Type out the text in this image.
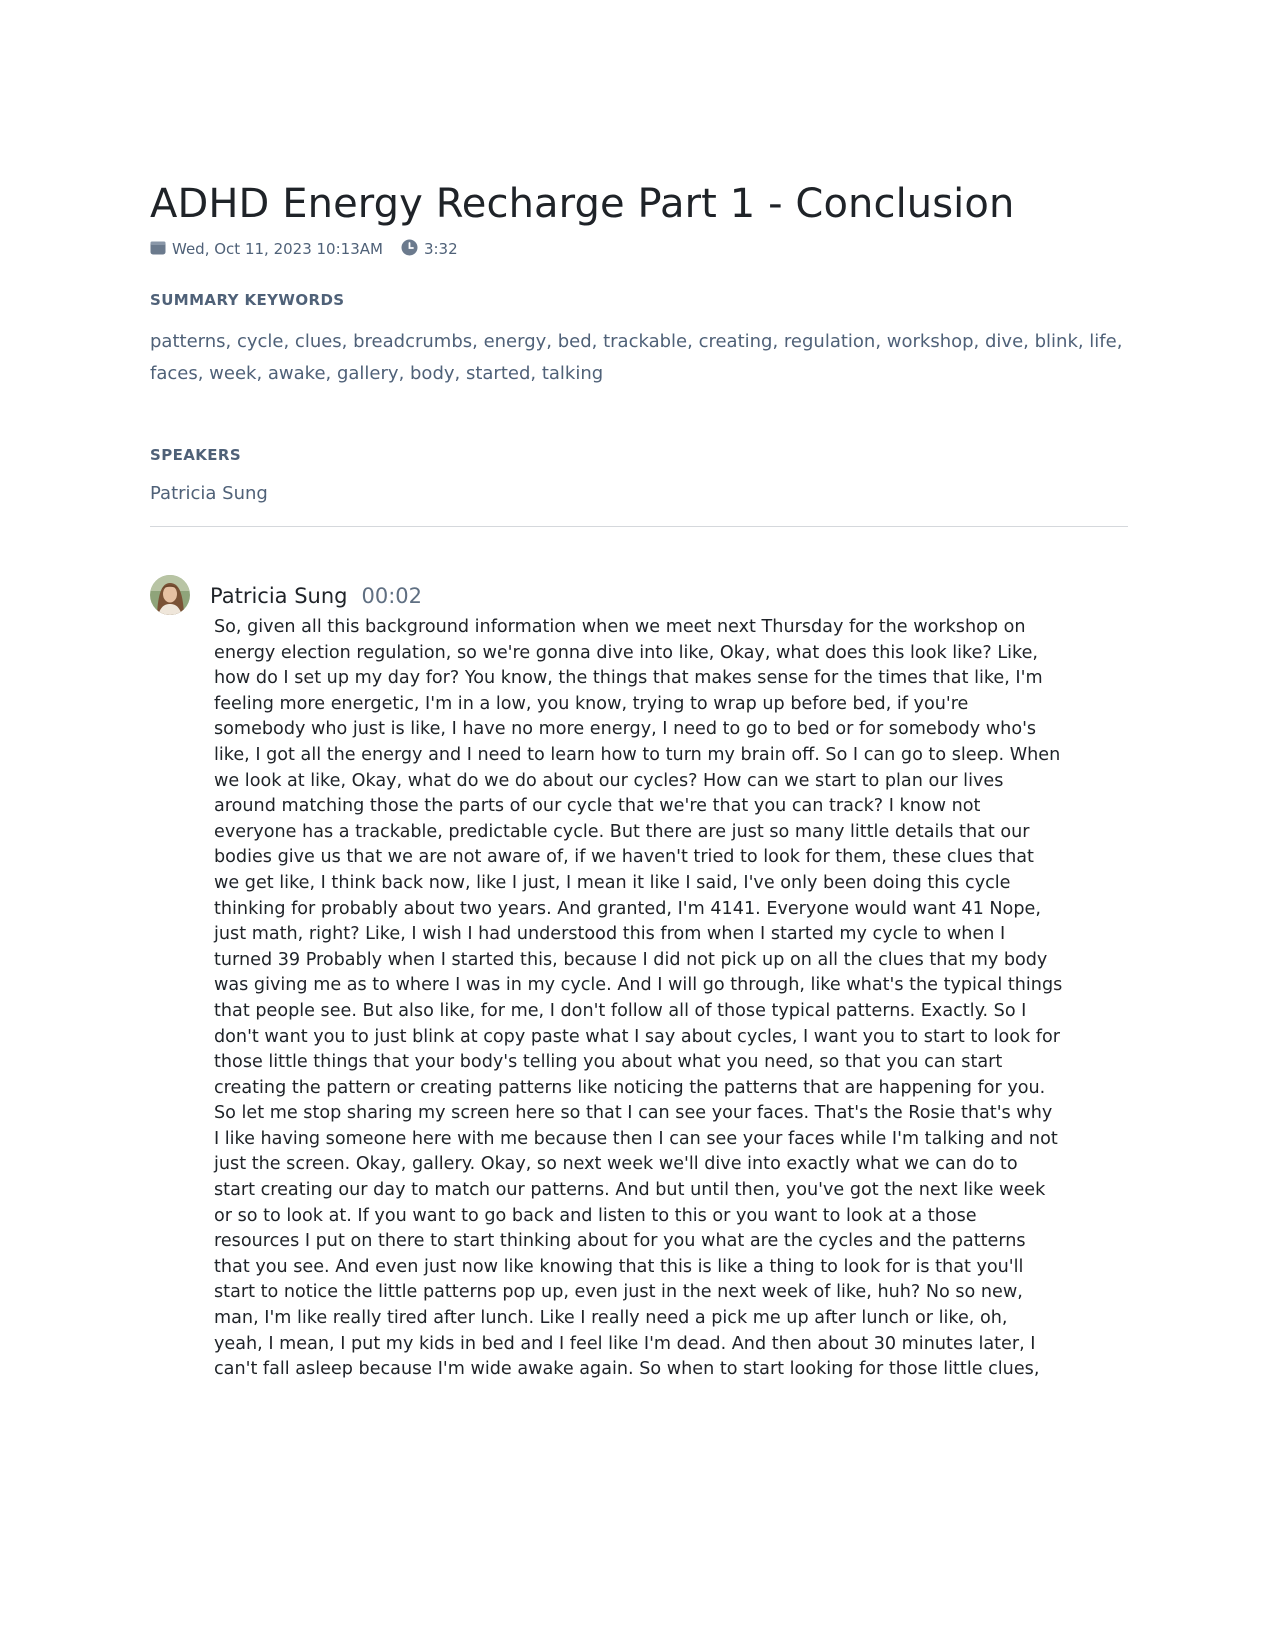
ADHD Energy Recharge Part 1 - Conclusion
Wed, Oct 11, 2023 10:13AM	3:32
SUMMARY KEYWORDS
patterns, cycle, clues, breadcrumbs, energy, bed, trackable, creating, regulation, workshop, dive, blink, life, faces, week, awake, gallery, body, started, talking
SPEAKERS
Patricia Sung
Patricia Sung 00:02
So, given all this background information when we meet next Thursday for the workshop on
energy election regulation, so we're gonna dive into like, Okay, what does this look like? Like,
how do I set up my day for? You know, the things that makes sense for the times that like, I'm
feeling more energetic, I'm in a low, you know, trying to wrap up before bed, if you're
somebody who just is like, I have no more energy, I need to go to bed or for somebody who's
like, I got all the energy and I need to learn how to turn my brain off. So I can go to sleep. When
we look at like, Okay, what do we do about our cycles? How can we start to plan our lives
around matching those the parts of our cycle that we're that you can track? I know not
everyone has a trackable, predictable cycle. But there are just so many little details that our
bodies give us that we are not aware of, if we haven't tried to look for them, these clues that
we get like, I think back now, like I just, I mean it like I said, I've only been doing this cycle
thinking for probably about two years. And granted, I'm 4141. Everyone would want 41 Nope,
just math, right? Like, I wish I had understood this from when I started my cycle to when I
turned 39 Probably when I started this, because I did not pick up on all the clues that my body
was giving me as to where I was in my cycle. And I will go through, like what's the typical things
that people see. But also like, for me, I don't follow all of those typical patterns. Exactly. So I
don't want you to just blink at copy paste what I say about cycles, I want you to start to look for
those little things that your body's telling you about what you need, so that you can start
creating the pattern or creating patterns like noticing the patterns that are happening for you.
So let me stop sharing my screen here so that I can see your faces. That's the Rosie that's why
I like having someone here with me because then I can see your faces while I'm talking and not
just the screen. Okay, gallery. Okay, so next week we'll dive into exactly what we can do to
start creating our day to match our patterns. And but until then, you've got the next like week
or so to look at. If you want to go back and listen to this or you want to look at a those
resources I put on there to start thinking about for you what are the cycles and the patterns
that you see. And even just now like knowing that this is like a thing to look for is that you'll
start to notice the little patterns pop up, even just in the next week of like, huh? No so new,
man, I'm like really tired after lunch. Like I really need a pick me up after lunch or like, oh,
yeah, I mean, I put my kids in bed and I feel like I'm dead. And then about 30 minutes later, I
can't fall asleep because I'm wide awake again. So when to start looking for those little clues,
